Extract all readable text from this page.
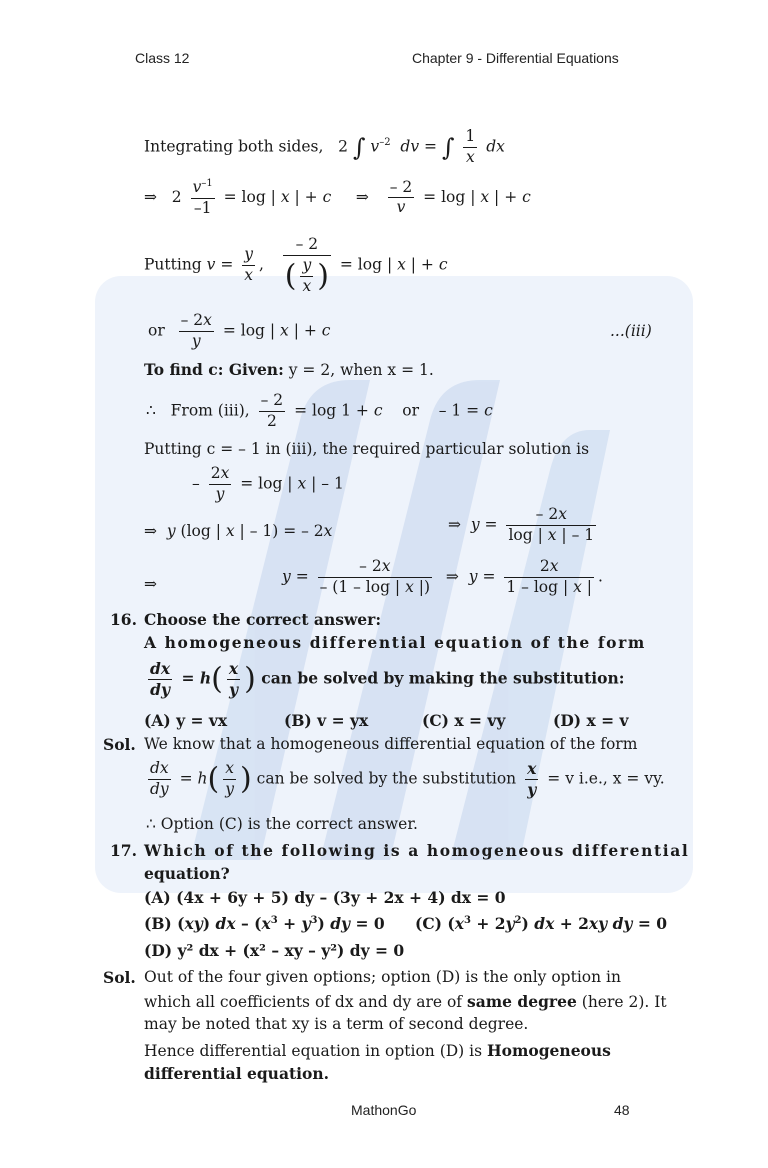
Class 12	Chapter 9 - Differential Equations
Integrating both sides,   2 ∫ $v^{-2}$ dv = ∫ $\frac{1}{x}$ dx
⇒   $2 \frac{v^{-1}}{-1} = \log$ | x | + c     ⇒ $\frac{- 2}{v} = \log$ | x | + c
Putting $v = \frac{y}{x}$ , $\frac{- 2}{( \frac{y}{x} )} = \log$ | x | + c
or $\frac{- 2x}{y} = \log$ | x | + c	...(iii)
To find c: Given: y = 2, when x = 1.
∴   From (iii), $\frac{- 2}{2} = \log 1 + c$    or    – 1 = c
Putting c = – 1 in (iii), the required particular solution is
– $\frac{2x}{y} = \log$ | x | – 1
⇒  y (log | x | – 1) = – 2x	⇒  $y = \frac{- 2x}{\log | x | - 1}$
⇒	$y = \frac{- 2x}{- (1 - \log | x |)}$ ⇒  $y = \frac{2x}{1 - \log | x |}$ .
16. Choose the correct answer:
A homogeneous differential equation of the form
$\frac{dx}{dy} = h( \frac{x}{y}$ ) can be solved by making the substitution:
(A) y = vx	(B) v = yx	(C) x = vy	(D) x = v
Sol. We know that a homogeneous differential equation of the form
$\frac{dx}{dy} = h( \frac{x}{y}$ ) can be solved by the substitution $\frac{x}{y} = v$ i.e., x = vy.
∴ Option (C) is the correct answer.
17. Which of the following is a homogeneous differential
equation?
(A) (4x + 6y + 5) dy – (3y + 2x + 4) dx = 0
(B) (xy) dx – $(x^3 + y^3)$ dy = 0 (C) $(x^3 + 2y^2)$ dx + 2xy dy = 0
(D) y² dx + (x² – xy – y²) dy = 0
Sol. Out of the four given options; option (D) is the only option in
which all coefficients of dx and dy are of same degree (here 2). It
may be noted that xy is a term of second degree.
Hence differential equation in option (D) is Homogeneous
differential equation.
MathonGo	48
